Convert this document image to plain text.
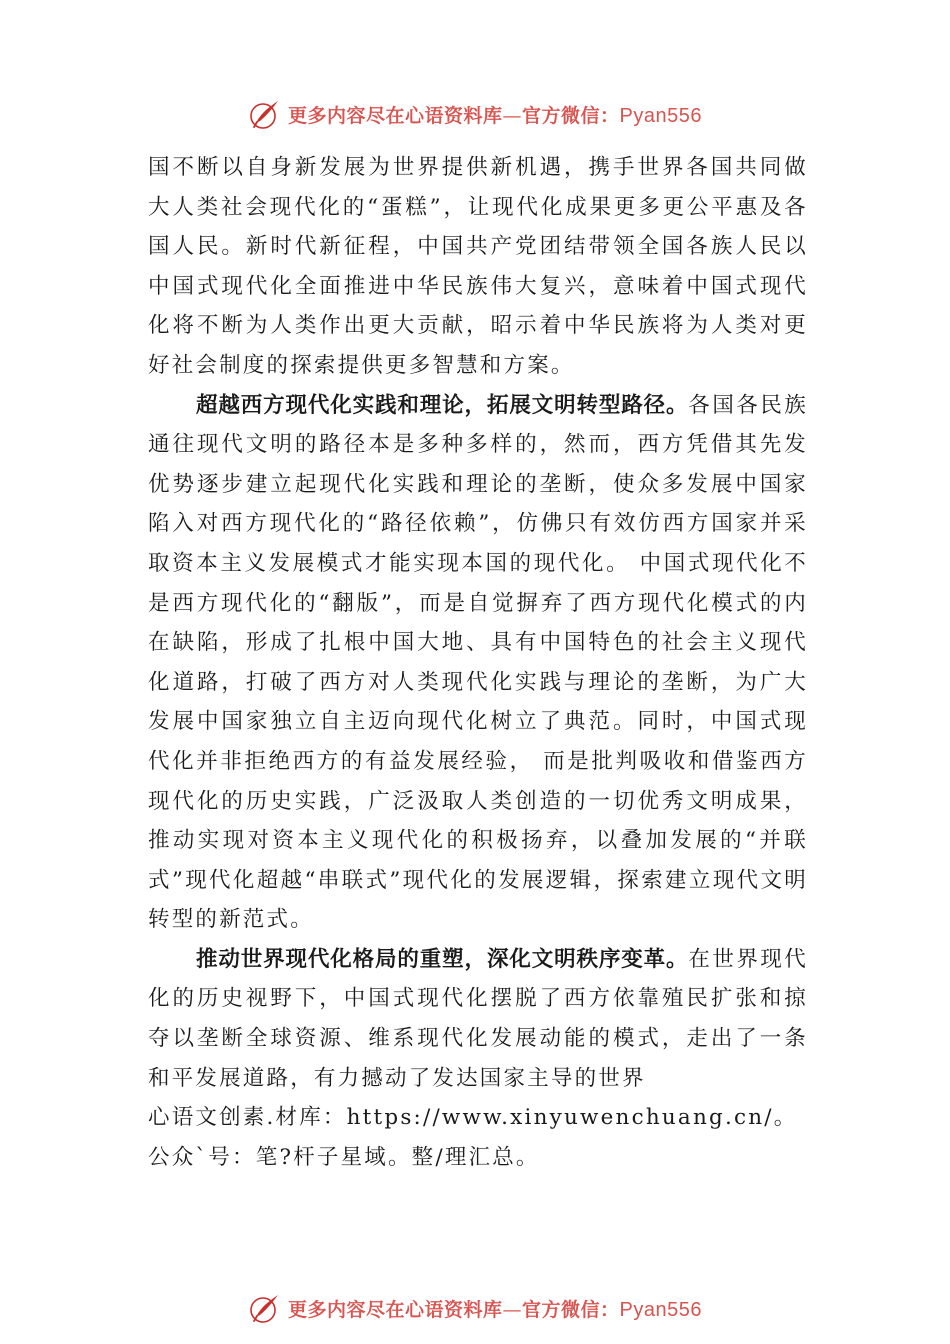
更多内容尽在心语资料库—官方微信：Pyan556

国不断以自身新发展为世界提供新机遇，携手世界各国共同做大人类社会现代化的“蛋糕”，让现代化成果更多更公平惠及各国人民。新时代新征程，中国共产党团结带领全国各族人民以中国式现代化全面推进中华民族伟大复兴，意味着中国式现代化将不断为人类作出更大贡献，昭示着中华民族将为人类对更好社会制度的探索提供更多智慧和方案。

超越西方现代化实践和理论，拓展文明转型路径。各国各民族通往现代文明的路径本是多种多样的，然而，西方凭借其先发优势逐步建立起现代化实践和理论的垄断，使众多发展中国家陷入对西方现代化的“路径依赖”，仿佛只有效仿西方国家并采取资本主义发展模式才能实现本国的现代化。 中国式现代化不是西方现代化的“翻版”，而是自觉摒弃了西方现代化模式的内在缺陷，形成了扎根中国大地、具有中国特色的社会主义现代化道路，打破了西方对人类现代化实践与理论的垄断，为广大发展中国家独立自主迈向现代化树立了典范。同时，中国式现代化并非拒绝西方的有益发展经验， 而是批判吸收和借鉴西方现代化的历史实践，广泛汲取人类创造的一切优秀文明成果，推动实现对资本主义现代化的积极扬弃，以叠加发展的“并联式”现代化超越“串联式”现代化的发展逻辑，探索建立现代文明转型的新范式。

推动世界现代化格局的重塑，深化文明秩序变革。在世界现代化的历史视野下，中国式现代化摆脱了西方依靠殖民扩张和掠夺以垄断全球资源、维系现代化发展动能的模式，走出了一条和平发展道路，有力撼动了发达国家主导的世界

心语文创素.材库：https://www.xinyuwenchuang.cn/。公众`号：笔?杆子星域。整/理汇总。

更多内容尽在心语资料库—官方微信：Pyan556
